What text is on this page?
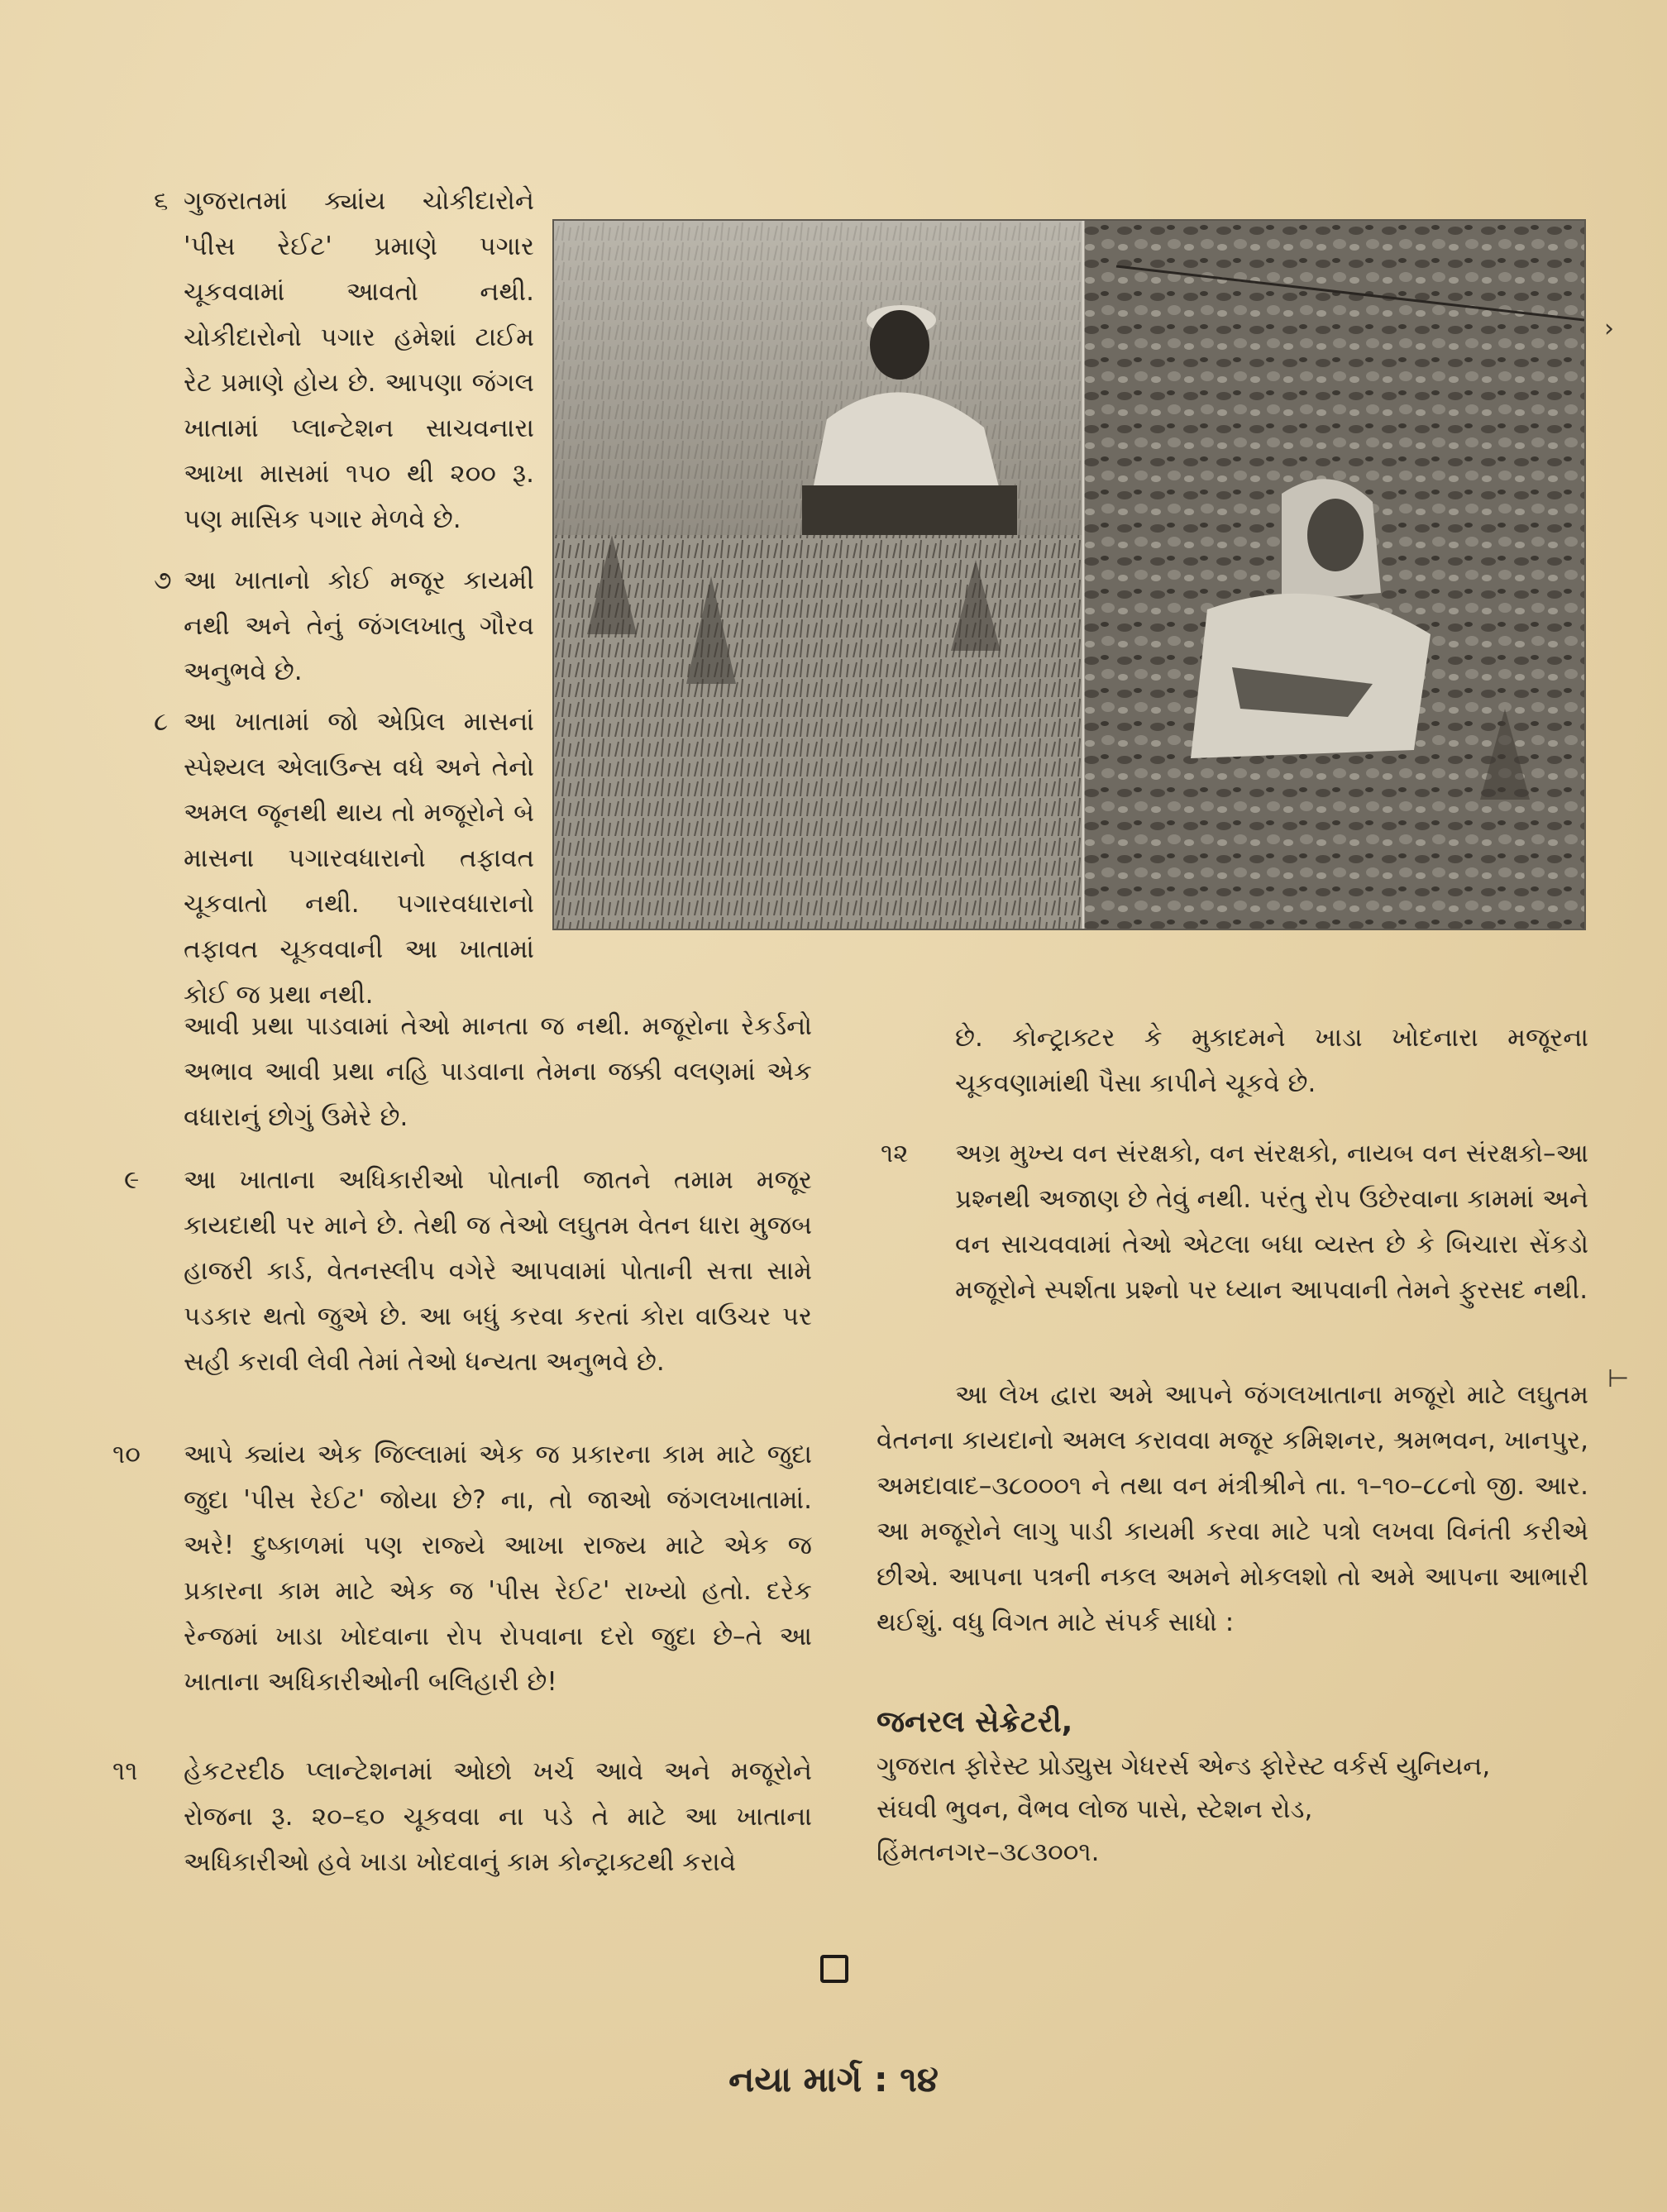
૬ ગુજરાતમાં ક્યાંય ચોકીદારોને 'પીસ રેઈટ' પ્રમાણે પગાર ચૂકવવામાં આવતો નથી. ચોકીદારોનો પગાર હમેશાં ટાઈમ રેટ પ્રમાણે હોય છે. આપણા જંગલ ખાતામાં પ્લાન્ટેશન સાચવનારા આખા માસમાં ૧૫૦ થી ૨૦૦ રૂ. પણ માસિક પગાર મેળવે છે.

૭ આ ખાતાનો કોઈ મજૂર કાયમી નથી અને તેનું જંગલખાતુ ગૌરવ અનુભવે છે.

૮ આ ખાતામાં જો એપ્રિલ માસનાં સ્પેશ્યલ એલાઉન્સ વધે અને તેનો અમલ જૂનથી થાય તો મજૂરોને બે માસના પગારવધારાનો તફાવત ચૂકવાતો નથી. પગારવધારાનો તફાવત ચૂકવવાની આ ખાતામાં કોઈ જ પ્રથા નથી.

આવી પ્રથા પાડવામાં તેઓ માનતા જ નથી. મજૂરોના રેકર્ડનો અભાવ આવી પ્રથા નહિ પાડવાના તેમના જક્કી વલણમાં એક વધારાનું છોગું ઉમેરે છે.

૯ આ ખાતાના અધિકારીઓ પોતાની જાતને તમામ મજૂર કાયદાથી પર માને છે. તેથી જ તેઓ લઘુતમ વેતન ધારા મુજબ હાજરી કાર્ડ, વેતનસ્લીપ વગેરે આપવામાં પોતાની સત્તા સામે પડકાર થતો જુએ છે. આ બધું કરવા કરતાં કોરા વાઉચર પર સહી કરાવી લેવી તેમાં તેઓ ધન્યતા અનુભવે છે.

૧૦ આપે ક્યાંય એક જિલ્લામાં એક જ પ્રકારના કામ માટે જુદા જુદા 'પીસ રેઈટ' જોયા છે? ના, તો જાઓ જંગલખાતામાં. અરે! દુષ્કાળમાં પણ રાજ્યે આખા રાજ્ય માટે એક જ પ્રકારના કામ માટે એક જ 'પીસ રેઈટ' રાખ્યો હતો. દરેક રેન્જમાં ખાડા ખોદવાના રોપ રોપવાના દરો જુદા છે–તે આ ખાતાના અધિકારીઓની બલિહારી છે!

૧૧ હેકટરદીઠ પ્લાન્ટેશનમાં ઓછો ખર્ચ આવે અને મજૂરોને રોજના રૂ. ૨૦–૬૦ ચૂકવવા ના પડે તે માટે આ ખાતાના અધિકારીઓ હવે ખાડા ખોદવાનું કામ કોન્ટ્રાક્ટથી કરાવે

છે. કોન્ટ્રાક્ટર કે મુકાદમને ખાડા ખોદનારા મજૂરના ચૂકવણામાંથી પૈસા કાપીને ચૂકવે છે.

૧૨ અગ્ર મુખ્ય વન સંરક્ષકો, વન સંરક્ષકો, નાયબ વન સંરક્ષકો–આ પ્રશ્નથી અજાણ છે તેવું નથી. પરંતુ રોપ ઉછેરવાના કામમાં અને વન સાચવવામાં તેઓ એટલા બધા વ્યસ્ત છે કે બિચારા સેંકડો મજૂરોને સ્પર્શતા પ્રશ્નો પર ધ્યાન આપવાની તેમને ફુરસદ નથી.

આ લેખ દ્વારા અમે આપને જંગલખાતાના મજૂરો માટે લઘુતમ વેતનના કાયદાનો અમલ કરાવવા મજૂર કમિશનર, શ્રમભવન, ખાનપુર, અમદાવાદ–૩૮૦૦૦૧ ને તથા વન મંત્રીશ્રીને તા. ૧–૧૦–૮૮નો જી. આર. આ મજૂરોને લાગુ પાડી કાયમી કરવા માટે પત્રો લખવા વિનંતી કરીએ છીએ. આપના પત્રની નકલ અમને મોકલશો તો અમે આપના આભારી થઈશું. વધુ વિગત માટે સંપર્ક સાધો :

જનરલ સેક્રેટરી,

ગુજરાત ફોરેસ્ટ પ્રોડ્યુસ ગેધરર્સ એન્ડ ફોરેસ્ટ વર્કર્સ યુનિયન,

સંઘવી ભુવન, વૈભવ લોજ પાસે, સ્ટેશન રોડ,

હિંમતનગર–૩૮૩૦૦૧.

નયા માર્ગ : ૧૪

›
⊢
